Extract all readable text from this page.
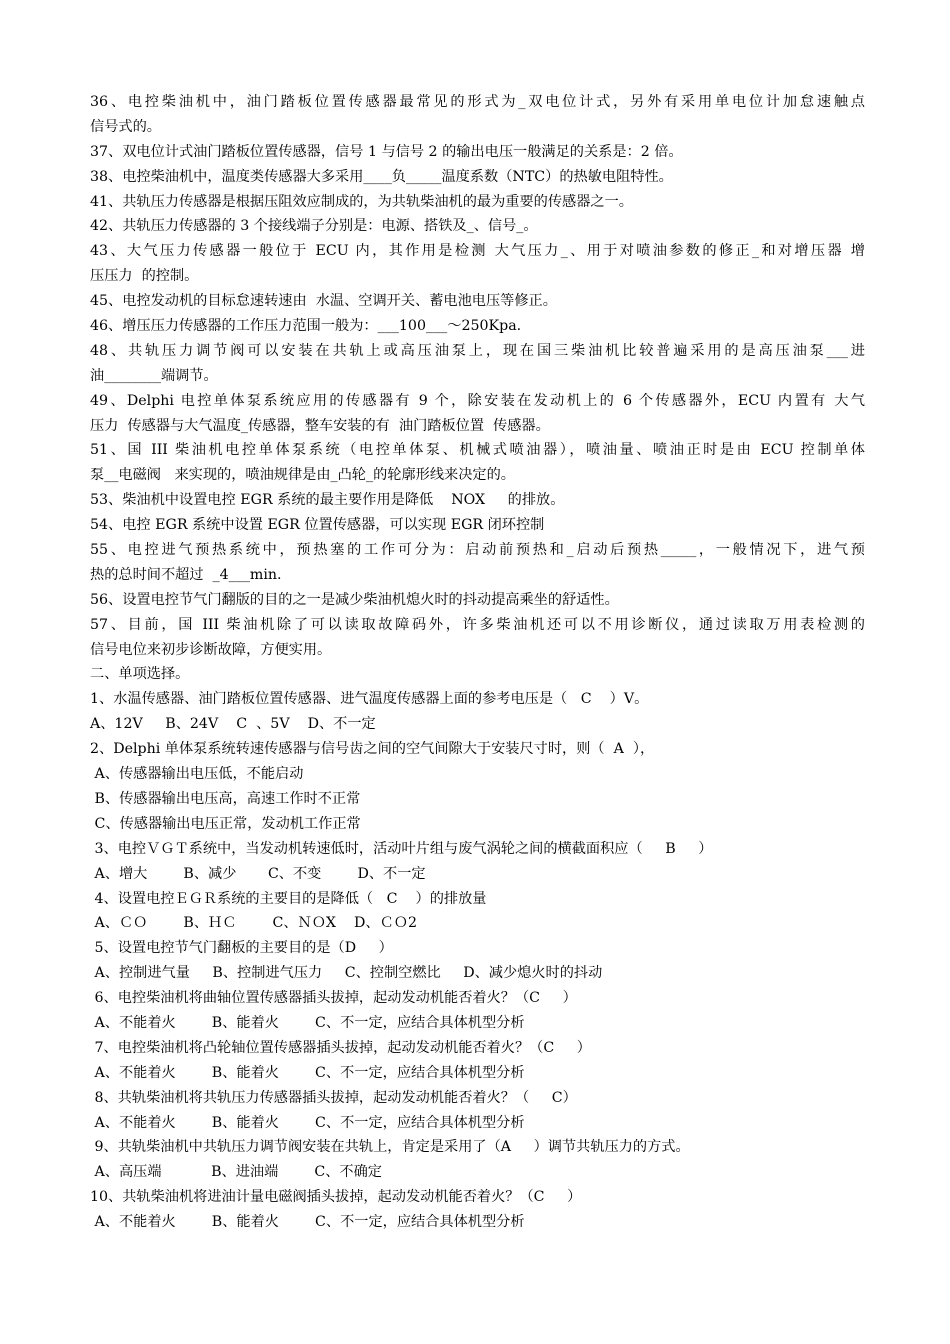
36、电控柴油机中，油门踏板位置传感器最常见的形式为_双电位计式，另外有采用单电位计加怠速触点
信号式的。
37、双电位计式油门踏板位置传感器，信号 1 与信号 2 的输出电压一般满足的关系是：2 倍。
38、电控柴油机中，温度类传感器大多采用____负_____温度系数（NTC）的热敏电阻特性。
41、共轨压力传感器是根据压阻效应制成的，为共轨柴油机的最为重要的传感器之一。
42、共轨压力传感器的 3 个接线端子分别是：电源、搭铁及_、信号_。
43、大气压力传感器一般位于 ECU 内，其作用是检测 大气压力_、用于对喷油参数的修正_和对增压器 增
压压力  的控制。
45、电控发动机的目标怠速转速由  水温、空调开关、蓄电池电压等修正。
46、增压压力传感器的工作压力范围一般为：___100___～250Kpa.
48、共轨压力调节阀可以安装在共轨上或高压油泵上，现在国三柴油机比较普遍采用的是高压油泵___进
油________端调节。
49、Delphi 电控单体泵系统应用的传感器有 9 个，除安装在发动机上的 6 个传感器外，ECU 内置有 大气
压力  传感器与大气温度_传感器，整车安装的有  油门踏板位置  传感器。
51、国 III 柴油机电控单体泵系统（电控单体泵、机械式喷油器），喷油量、喷油正时是由 ECU 控制单体
泵__电磁阀   来实现的，喷油规律是由_凸轮_的轮廓形线来决定的。
53、柴油机中设置电控 EGR 系统的最主要作用是降低    NOX     的排放。
54、电控 EGR 系统中设置 EGR 位置传感器，可以实现 EGR 闭环控制
55、电控进气预热系统中，预热塞的工作可分为：启动前预热和_启动后预热_____，一般情况下，进气预
热的总时间不超过  _4___min.
56、设置电控节气门翻版的目的之一是减少柴油机熄火时的抖动提高乘坐的舒适性。
57、目前，国 III 柴油机除了可以读取故障码外，许多柴油机还可以不用诊断仪，通过读取万用表检测的
信号电位来初步诊断故障，方便实用。
二、单项选择。
1、水温传感器、油门踏板位置传感器、进气温度传感器上面的参考电压是（   C    ）V。
A、12V     B、24V    C  、5V    D、不一定
2、Delphi 单体泵系统转速传感器与信号齿之间的空气间隙大于安装尺寸时，则（  A  ），
A、传感器输出电压低，不能启动
B、传感器输出电压高，高速工作时不正常
C、传感器输出电压正常，发动机工作正常
3、电控ＶＧＴ系统中，当发动机转速低时，活动叶片组与废气涡轮之间的横截面积应（     B     ）
A、增大        B、减少       C、不变        D、不一定
4、设置电控ＥＧＲ系统的主要目的是降低（   C    ）的排放量
A、ＣＯ        B、ＨＣ        C、ＮＯX    D、ＣＯ2
5、设置电控节气门翻板的主要目的是（D     ）
A、控制进气量     B、控制进气压力     C、控制空燃比     D、减少熄火时的抖动
6、电控柴油机将曲轴位置传感器插头拔掉，起动发动机能否着火？（C     ）
A、不能着火        B、能着火        C、不一定，应结合具体机型分析
7、电控柴油机将凸轮轴位置传感器插头拔掉，起动发动机能否着火？（C     ）
A、不能着火        B、能着火        C、不一定，应结合具体机型分析
8、共轨柴油机将共轨压力传感器插头拔掉，起动发动机能否着火？（     C）
A、不能着火        B、能着火        C、不一定，应结合具体机型分析
9、共轨柴油机中共轨压力调节阀安装在共轨上，肯定是采用了（A     ）调节共轨压力的方式。
A、高压端           B、进油端        C、不确定
10、共轨柴油机将进油计量电磁阀插头拔掉，起动发动机能否着火？（C     ）
A、不能着火        B、能着火        C、不一定，应结合具体机型分析
